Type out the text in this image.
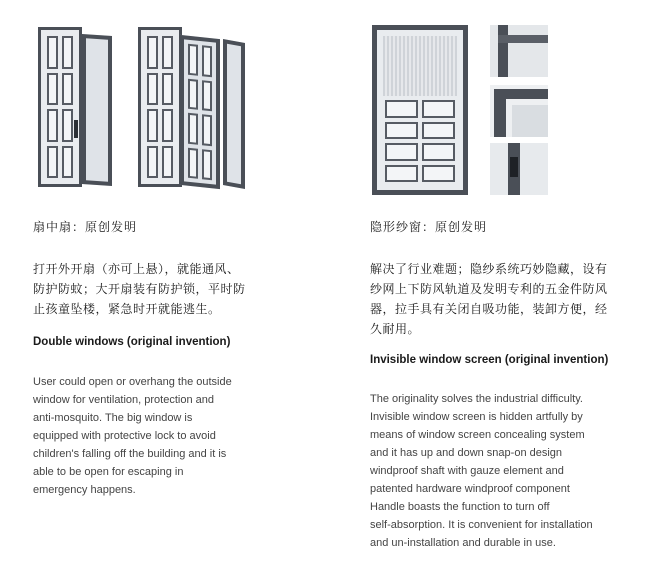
扇中扇：原创发明
打开外开扇（亦可上悬），就能通风、
防护防蚊；大开扇装有防护锁，平时防
止孩童坠楼，紧急时开就能逃生。
Double windows (original invention)
User could open or overhang the outside
window for ventilation, protection and
anti-mosquito. The big window is
equipped with protective lock to avoid
children's falling off the building and it is
able to be open for escaping in
emergency happens.
隐形纱窗：原创发明
解决了行业难题；隐纱系统巧妙隐藏，设有
纱网上下防风轨道及发明专利的五金件防风
器，拉手具有关闭自吸功能，装卸方便，经
久耐用。
Invisible window screen (original invention)
The originality solves the industrial difficulty.
Invisible window screen is hidden artfully by
means of window screen concealing system
and it has up and down snap-on design
windproof shaft with gauze element and
patented hardware windproof component
Handle boasts the function to turn off
self-absorption. It is convenient for installation
and un-installation and durable in use.
